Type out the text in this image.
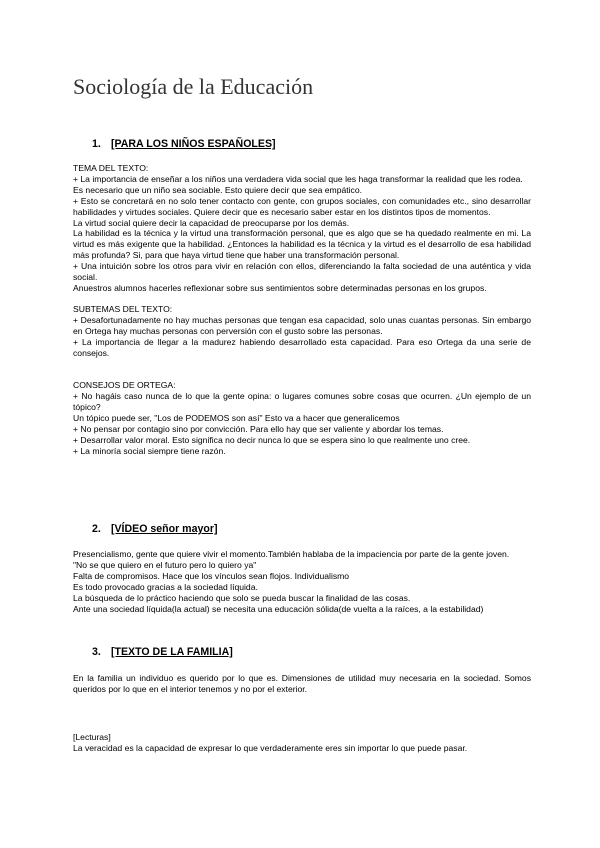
Sociología de la Educación
1. [PARA LOS NIÑOS ESPAÑOLES]

TEMA DEL TEXTO:

+ La importancia de enseñar a los niños una verdadera vida social que les haga transformar la realidad que les rodea.

Es necesario que un niño sea sociable. Esto quiere decir que sea empático.

+ Esto se concretará en no solo tener contacto con gente, con grupos sociales, con comunidades etc., sino desarrollar habilidades y virtudes sociales. Quiere decir que es necesario saber estar en los distintos tipos de momentos.

La virtud social quiere decir la capacidad de preocuparse por los demás.

La habilidad es la técnica y la virtud una transformación personal, que es algo que se ha quedado realmente en mi. La virtud es más exigente que la habilidad. ¿Entonces la habilidad es la técnica y la virtud es el desarrollo de esa habilidad más profunda? Si, para que haya virtud tiene que haber una transformación personal.

+ Una intuición sobre los otros para vivir en relación con ellos, diferenciando la falta sociedad de una auténtica y vida social.

Anuestros alumnos hacerles reflexionar sobre sus sentimientos sobre determinadas personas en los grupos.

SUBTEMAS DEL TEXTO:

+ Desafortunadamente no hay muchas personas que tengan esa capacidad, solo unas cuantas personas. Sin embargo en Ortega hay muchas personas con perversión con el gusto sobre las personas.

+ La importancia de llegar a la madurez habiendo desarrollado esta capacidad. Para eso Ortega da una serie de consejos.

CONSEJOS DE ORTEGA:

+ No hagáis caso nunca de lo que la gente opina: o lugares comunes sobre cosas que ocurren. ¿Un ejemplo de un tópico?

Un tópico puede ser, "Los de PODEMOS son así" Esto va a hacer que generalicemos

+ No pensar por contagio sino por convicción. Para ello hay que ser valiente y abordar los temas.

+ Desarrollar valor moral. Esto significa no decir nunca lo que se espera sino lo que realmente uno cree.

+ La minoría social siempre tiene razón.

2. [VÍDEO señor mayor]

Presencialismo, gente que quiere vivir el momento.También hablaba de la impaciencia por parte de la gente joven.

"No se que quiero en el futuro pero lo quiero ya"

Falta de compromisos. Hace que los vínculos sean flojos. Individualismo

Es todo provocado gracias a la sociedad líquida.

La búsqueda de lo práctico haciendo que solo se pueda buscar la finalidad de las cosas.

Ante una sociedad líquida(la actual) se necesita una educación sólida(de vuelta a la raíces, a la estabilidad)

3. [TEXTO DE LA FAMILIA]

En la familia un individuo es querido por lo que es. Dimensiones de utilidad muy necesaria en la sociedad. Somos queridos por lo que en el interior tenemos y no por el exterior.

[Lecturas]

La veracidad es la capacidad de expresar lo que verdaderamente eres sin importar lo que puede pasar.
